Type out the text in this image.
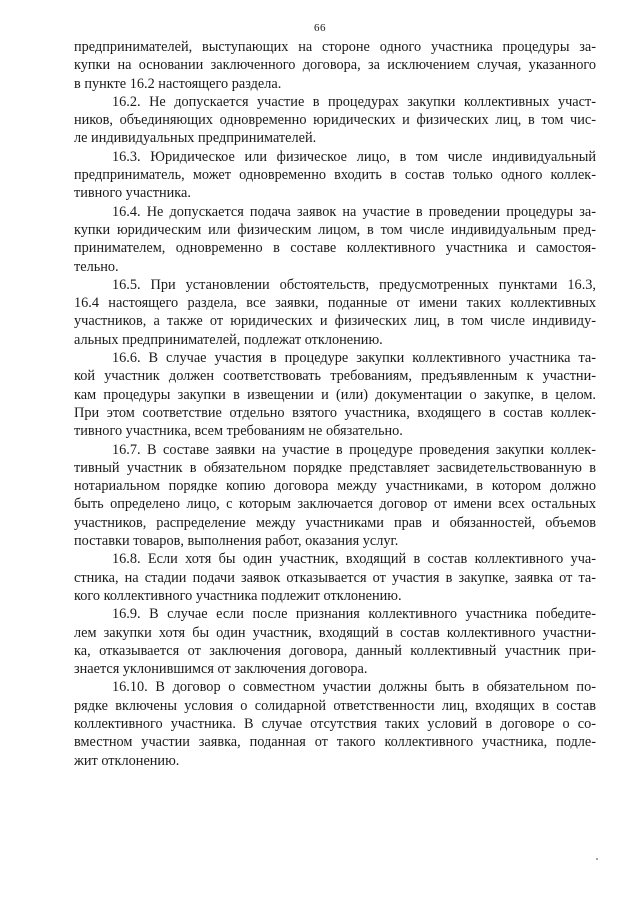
66
предпринимателей, выступающих на стороне одного участника процедуры за-
купки на основании заключенного договора, за исключением случая, указанного
в пункте 16.2 настоящего раздела.
16.2. Не допускается участие в процедурах закупки коллективных участ-
ников, объединяющих одновременно юридических и физических лиц, в том чис-
ле индивидуальных предпринимателей.
16.3. Юридическое или физическое лицо, в том числе индивидуальный
предприниматель, может одновременно входить в состав только одного коллек-
тивного участника.
16.4. Не допускается подача заявок на участие в проведении процедуры за-
купки юридическим или физическим лицом, в том числе индивидуальным пред-
принимателем, одновременно в составе коллективного участника и самостоя-
тельно.
16.5. При установлении обстоятельств, предусмотренных пунктами 16.3,
16.4 настоящего раздела, все заявки, поданные от имени таких коллективных
участников, а также от юридических и физических лиц, в том числе индивиду-
альных предпринимателей, подлежат отклонению.
16.6. В случае участия в процедуре закупки коллективного участника та-
кой участник должен соответствовать требованиям, предъявленным к участни-
кам процедуры закупки в извещении и (или) документации о закупке, в целом.
При этом соответствие отдельно взятого участника, входящего в состав коллек-
тивного участника, всем требованиям не обязательно.
16.7. В составе заявки на участие в процедуре проведения закупки коллек-
тивный участник в обязательном порядке представляет засвидетельствованную в
нотариальном порядке копию договора между участниками, в котором должно
быть определено лицо, с которым заключается договор от имени всех остальных
участников, распределение между участниками прав и обязанностей, объемов
поставки товаров, выполнения работ, оказания услуг.
16.8. Если хотя бы один участник, входящий в состав коллективного уча-
стника, на стадии подачи заявок отказывается от участия в закупке, заявка от та-
кого коллективного участника подлежит отклонению.
16.9. В случае если после признания коллективного участника победите-
лем закупки хотя бы один участник, входящий в состав коллективного участни-
ка, отказывается от заключения договора, данный коллективный участник при-
знается уклонившимся от заключения договора.
16.10. В договор о совместном участии должны быть в обязательном по-
рядке включены условия о солидарной ответственности лиц, входящих в состав
коллективного участника. В случае отсутствия таких условий в договоре о со-
вместном участии заявка, поданная от такого коллективного участника, подле-
жит отклонению.
